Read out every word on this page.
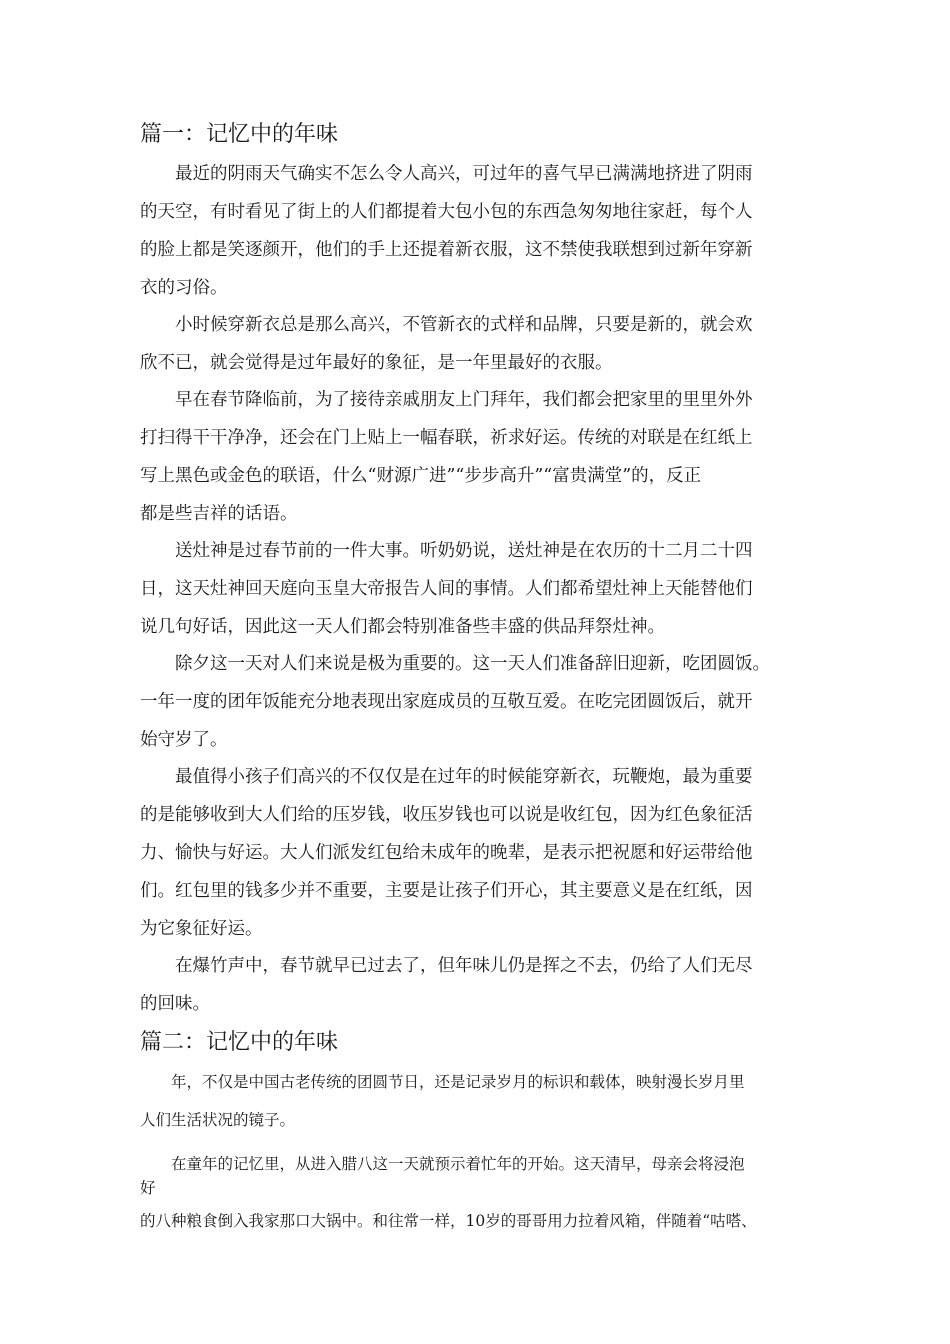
篇一：记忆中的年味
　　最近的阴雨天气确实不怎么令人高兴，可过年的喜气早已满满地挤进了阴雨
的天空，有时看见了街上的人们都提着大包小包的东西急匆匆地往家赶，每个人
的脸上都是笑逐颜开，他们的手上还提着新衣服，这不禁使我联想到过新年穿新
衣的习俗。
　　小时候穿新衣总是那么高兴，不管新衣的式样和品牌，只要是新的，就会欢
欣不已，就会觉得是过年最好的象征，是一年里最好的衣服。
　　早在春节降临前，为了接待亲戚朋友上门拜年，我们都会把家里的里里外外
打扫得干干净净，还会在门上贴上一幅春联，祈求好运。传统的对联是在红纸上
写上黑色或金色的联语，什么“财源广进”“步步高升”“富贵满堂”的，反正
都是些吉祥的话语。
　　送灶神是过春节前的一件大事。听奶奶说，送灶神是在农历的十二月二十四
日，这天灶神回天庭向玉皇大帝报告人间的事情。人们都希望灶神上天能替他们
说几句好话，因此这一天人们都会特别准备些丰盛的供品拜祭灶神。
　　除夕这一天对人们来说是极为重要的。这一天人们准备辞旧迎新，吃团圆饭。
一年一度的团年饭能充分地表现出家庭成员的互敬互爱。在吃完团圆饭后，就开
始守岁了。
　　最值得小孩子们高兴的不仅仅是在过年的时候能穿新衣，玩鞭炮，最为重要
的是能够收到大人们给的压岁钱，收压岁钱也可以说是收红包，因为红色象征活
力、愉快与好运。大人们派发红包给未成年的晚辈，是表示把祝愿和好运带给他
们。红包里的钱多少并不重要，主要是让孩子们开心，其主要意义是在红纸，因
为它象征好运。
　　在爆竹声中，春节就早已过去了，但年味儿仍是挥之不去，仍给了人们无尽
的回味。
篇二：记忆中的年味
　　年，不仅是中国古老传统的团圆节日，还是记录岁月的标识和载体，映射漫长岁月里
人们生活状况的镜子。
　　在童年的记忆里，从进入腊八这一天就预示着忙年的开始。这天清早，母亲会将浸泡
好
的八种粮食倒入我家那口大锅中。和往常一样，10岁的哥哥用力拉着风箱，伴随着“咕嗒、
